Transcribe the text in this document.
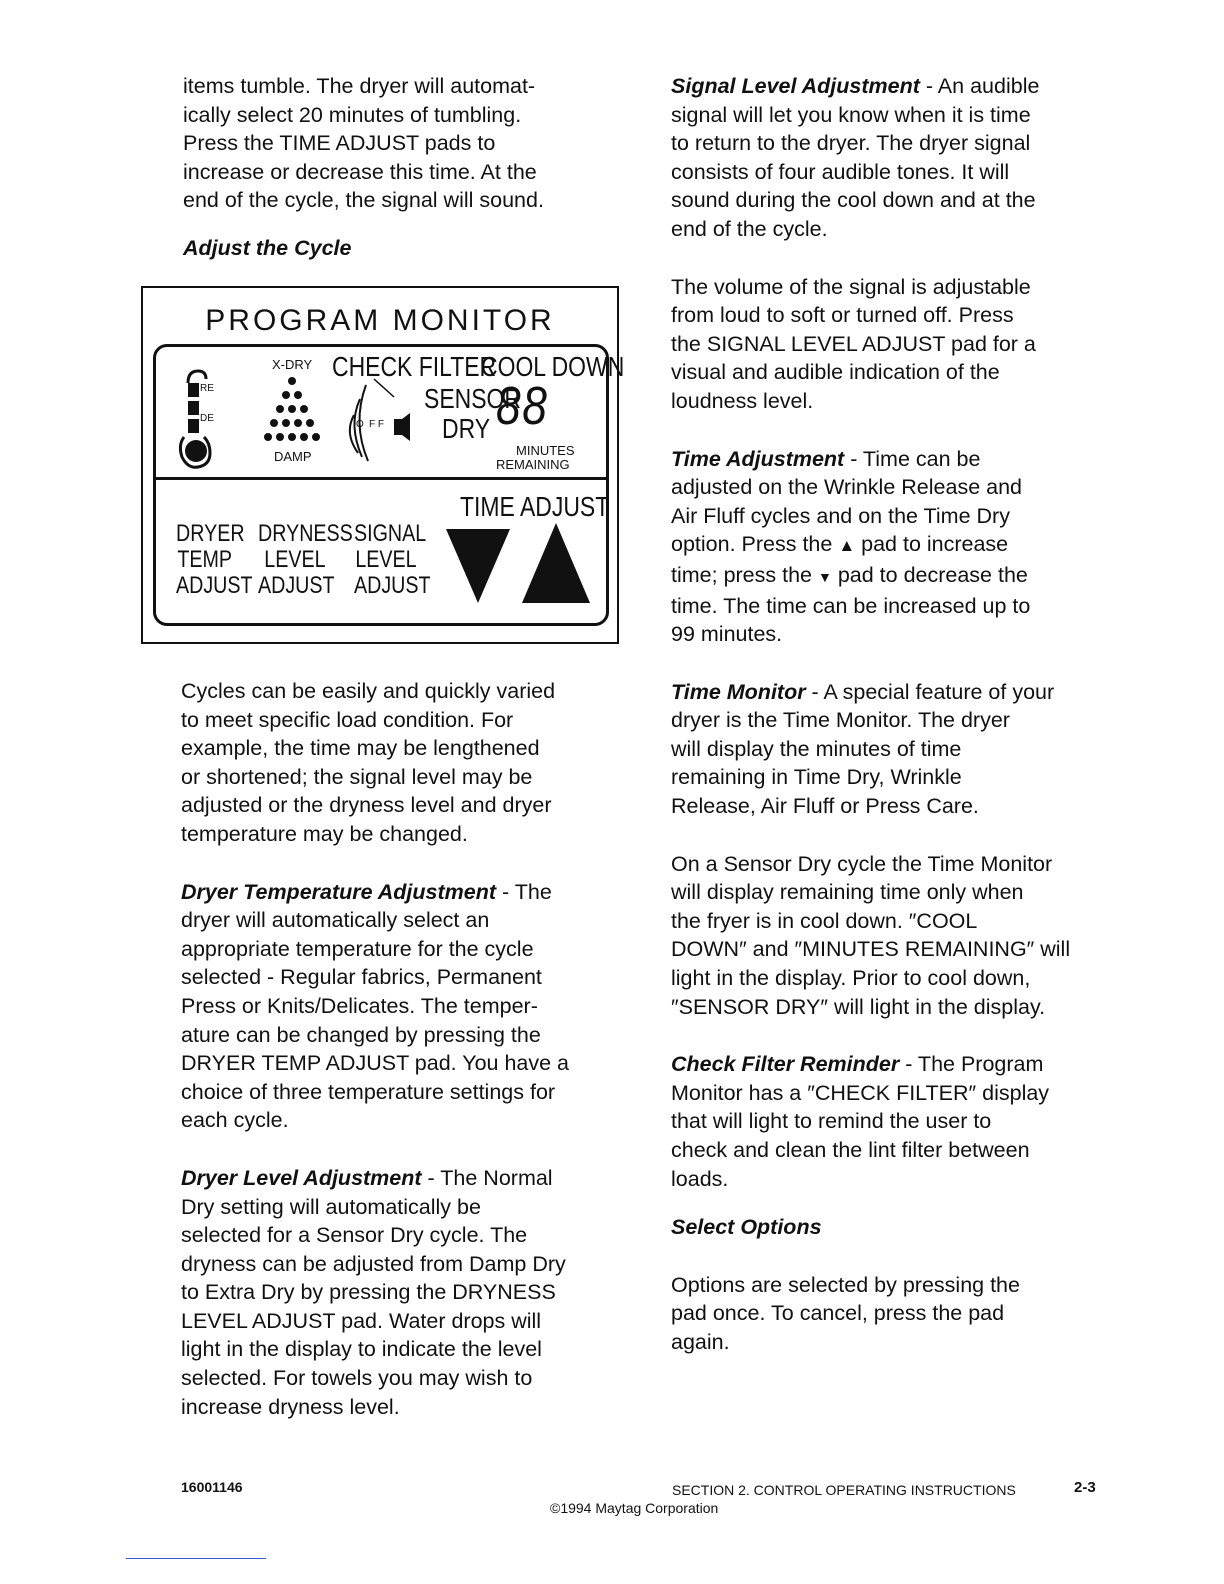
items tumble. The dryer will automat-

ically select 20 minutes of tumbling.

Press the TIME ADJUST pads to

increase or decrease this time. At the

end of the cycle, the signal will sound.

Adjust the Cycle
PROGRAM MONITOR
RE
DE
X-DRY
DAMP
O F F
CHECK FILTER
COOL DOWN
SENSOR
DRY 88
MINUTES
REMAINING
TIME ADJUST
DRYER
TEMP
ADJUST
DRYNESS
LEVEL
ADJUST
SIGNAL
LEVEL
ADJUST

Cycles can be easily and quickly varied

to meet specific load condition. For

example, the time may be lengthened

or shortened; the signal level may be

adjusted or the dryness level and dryer

temperature may be changed.

Dryer Temperature Adjustment - The

dryer will automatically select an

appropriate temperature for the cycle

selected - Regular fabrics, Permanent

Press or Knits/Delicates. The temper-

ature can be changed by pressing the

DRYER TEMP ADJUST pad. You have a

choice of three temperature settings for

each cycle.

Dryer Level Adjustment - The Normal

Dry setting will automatically be

selected for a Sensor Dry cycle. The

dryness can be adjusted from Damp Dry

to Extra Dry by pressing the DRYNESS

LEVEL ADJUST pad. Water drops will

light in the display to indicate the level

selected. For towels you may wish to

increase dryness level.

Signal Level Adjustment - An audible

signal will let you know when it is time

to return to the dryer. The dryer signal

consists of four audible tones. It will

sound during the cool down and at the

end of the cycle.

The volume of the signal is adjustable

from loud to soft or turned off. Press

the SIGNAL LEVEL ADJUST pad for a

visual and audible indication of the

loudness level.

Time Adjustment - Time can be

adjusted on the Wrinkle Release and

Air Fluff cycles and on the Time Dry

option. Press the ▲ pad to increase

time; press the ▼ pad to decrease the

time. The time can be increased up to

99 minutes.

Time Monitor - A special feature of your

dryer is the Time Monitor. The dryer

will display the minutes of time

remaining in Time Dry, Wrinkle

Release, Air Fluff or Press Care.

On a Sensor Dry cycle the Time Monitor

will display remaining time only when

the fryer is in cool down. ″COOL

DOWN″ and ″MINUTES REMAINING″ will

light in the display. Prior to cool down,

″SENSOR DRY″ will light in the display.

Check Filter Reminder - The Program

Monitor has a ″CHECK FILTER″ display

that will light to remind the user to

check and clean the lint filter between

loads.

Select Options

Options are selected by pressing the

pad once. To cancel, press the pad

again.

16001146	SECTION 2. CONTROL OPERATING INSTRUCTIONS	2-3
©1994 Maytag Corporation
